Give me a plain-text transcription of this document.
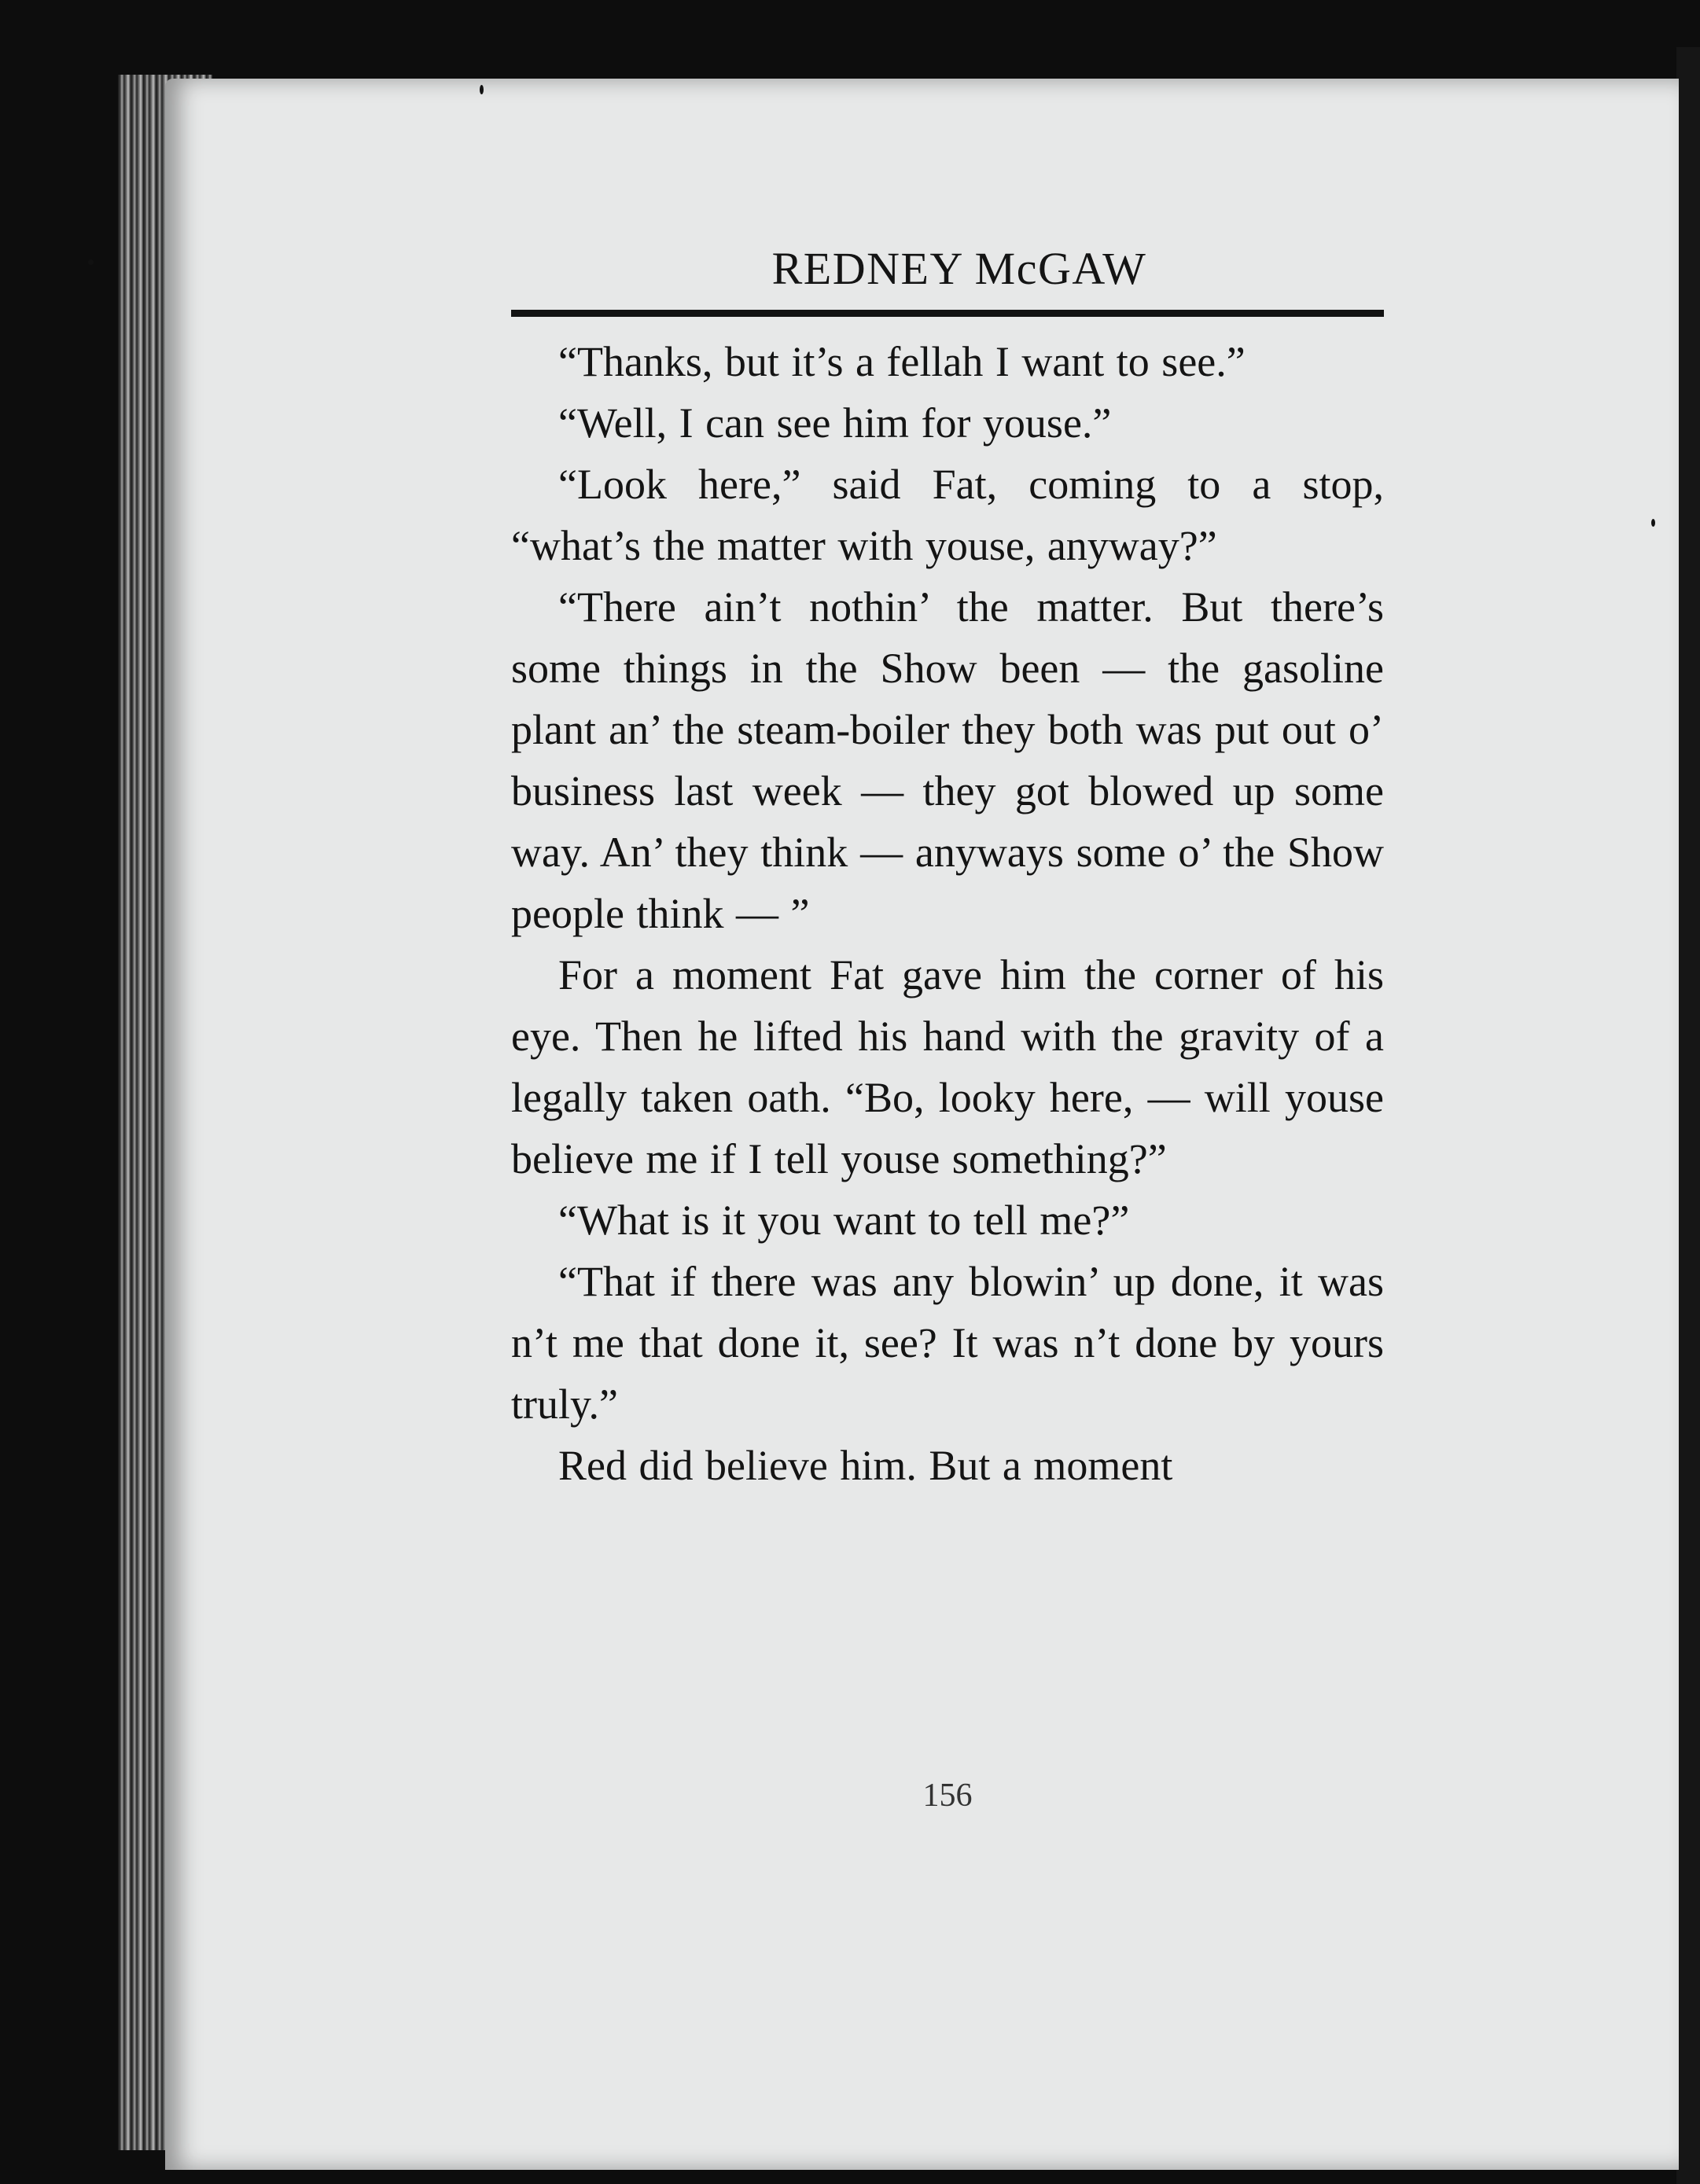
REDNEY McGAW

“Thanks, but it’s a fellah I want to see.”

“Well, I can see him for youse.”

“Look here,” said Fat, coming to a stop, “what’s the matter with youse, anyway?”

“There ain’t nothin’ the matter. But there’s some things in the Show been — the gasoline plant an’ the steam-boiler they both was put out o’ business last week — they got blowed up some way. An’ they think — anyways some o’ the Show people think — ”

For a moment Fat gave him the corner of his eye. Then he lifted his hand with the gravity of a legally taken oath. “Bo, looky here, — will youse believe me if I tell youse something?”

“What is it you want to tell me?”

“That if there was any blowin’ up done, it was n’t me that done it, see? It was n’t done by yours truly.”

Red did believe him. But a moment

156
